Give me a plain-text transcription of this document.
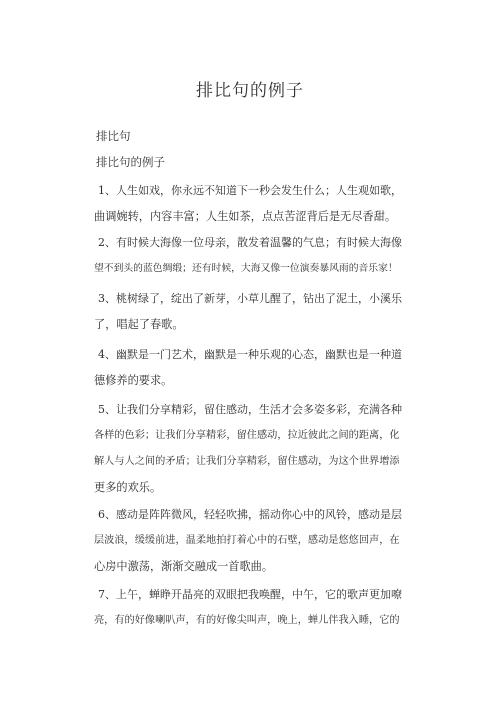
排比句的例子
排比句
排比句的例子
1、人生如戏，你永远不知道下一秒会发生什么；人生观如歌，
曲调婉转，内容丰富；人生如茶，点点苦涩背后是无尽香甜。
2、有时候大海像一位母亲，散发着温馨的气息；有时候大海像
望不到头的蓝色绸缎；还有时候，大海又像一位演奏暴风雨的音乐家！
3、桃树绿了，绽出了新芽，小草儿醒了，钻出了泥土，小溪乐
了，唱起了春歌。
4、幽默是一门艺术，幽默是一种乐观的心态，幽默也是一种道
德修养的要求。
5、让我们分享精彩，留住感动，生活才会多姿多彩，充满各种
各样的色彩；让我们分享精彩，留住感动，拉近彼此之间的距离，化
解人与人之间的矛盾；让我们分享精彩，留住感动，为这个世界增添
更多的欢乐。
6、感动是阵阵微风，轻轻吹拂，摇动你心中的风铃，感动是层
层波浪，缓缓前进，温柔地拍打着心中的石壁，感动是悠悠回声，在
心房中激荡，渐渐交融成一首歌曲。
7、上午，蝉睁开晶亮的双眼把我唤醒，中午，它的歌声更加嘹
亮，有的好像喇叭声，有的好像尖叫声，晚上，蝉儿伴我入睡，它的
